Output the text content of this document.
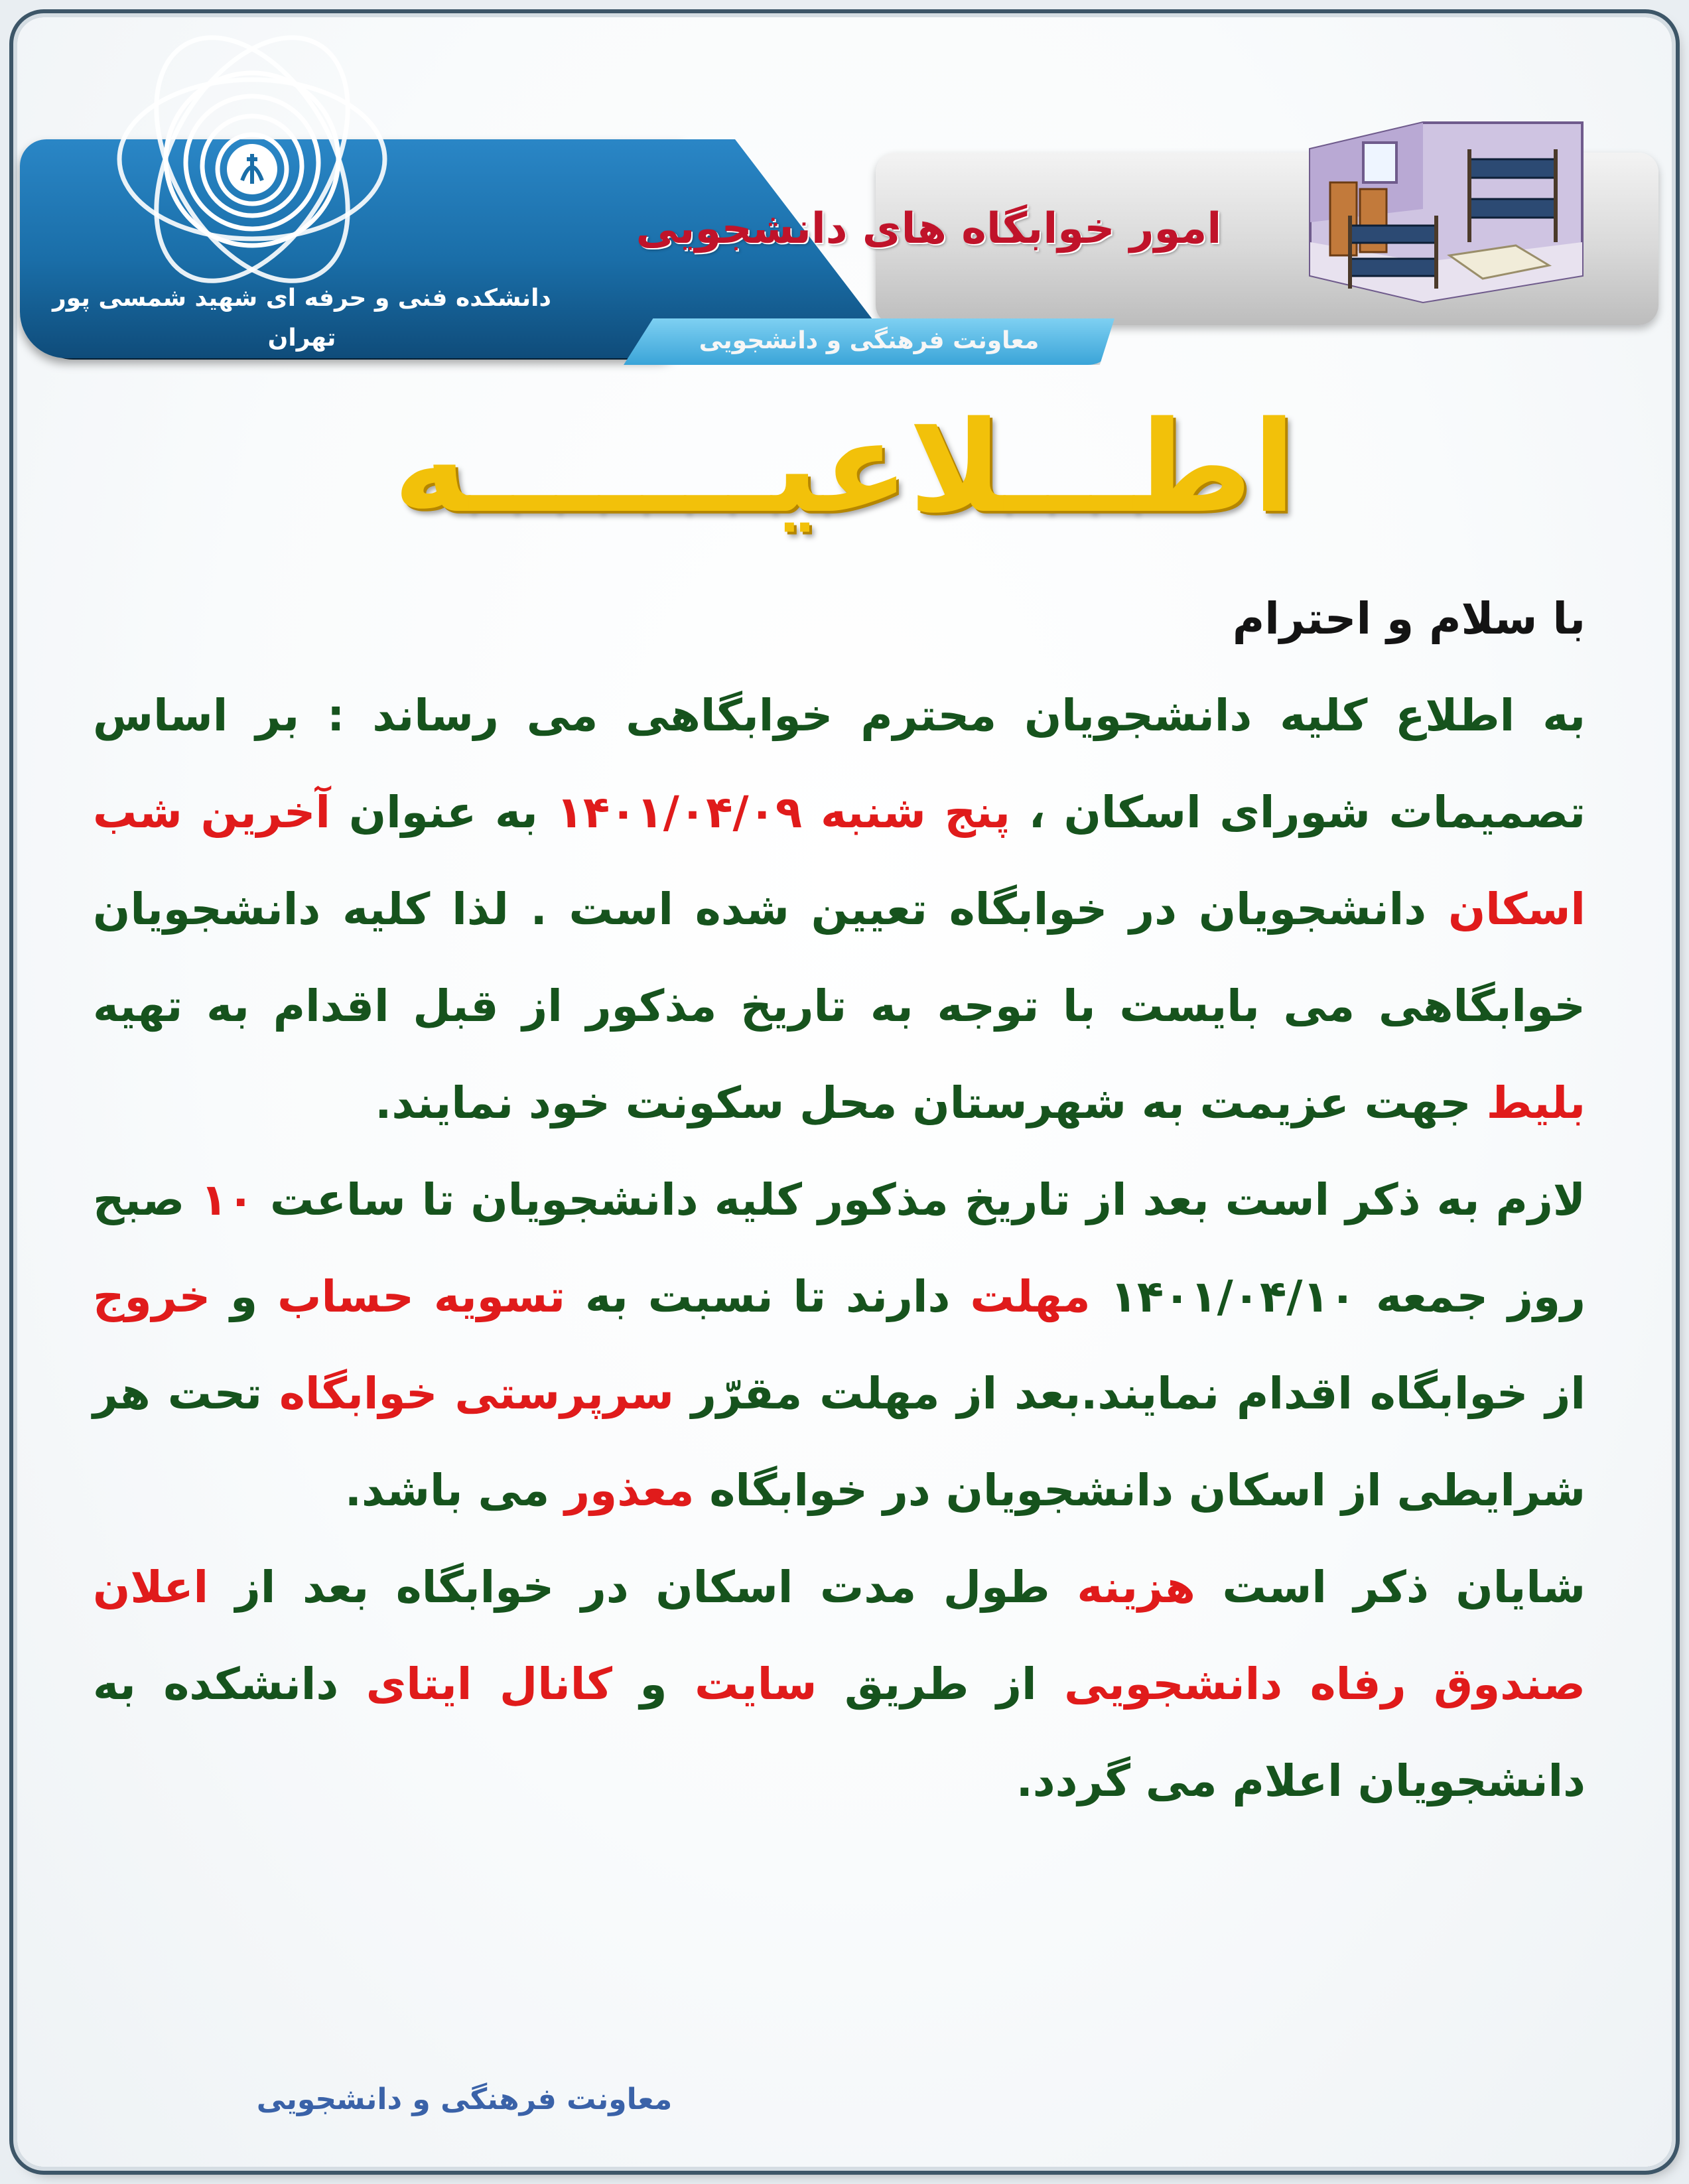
معاونت فرهنگی و دانشجویی
دانشکده فنی و حرفه ای شهید شمسی پور تهران
امور خوابگاه های دانشجویی
اطـــلاعیـــــــه

با سلام و احترام

به اطلاع کلیه دانشجویان محترم خوابگاهی می رساند : بر اساس تصمیمات شورای اسکان ، پنج شنبه ۱۴۰۱/۰۴/۰۹ به عنوان آخرین شب اسکان دانشجویان در خوابگاه تعیین شده است . لذا کلیه دانشجویان خوابگاهی می بایست با توجه به تاریخ مذکور از قبل اقدام به تهیه بلیط جهت عزیمت به شهرستان محل سکونت خود نمایند.

لازم به ذکر است بعد از تاریخ مذکور کلیه دانشجویان تا ساعت ۱۰ صبح روز جمعه ۱۴۰۱/۰۴/۱۰ مهلت دارند تا نسبت به تسویه حساب و خروج از خوابگاه اقدام نمایند.بعد از مهلت مقرّر سرپرستی خوابگاه تحت هر شرایطی از اسکان دانشجویان در خوابگاه معذور می باشد.

شایان ذکر است هزینه طول مدت اسکان در خوابگاه بعد از اعلان صندوق رفاه دانشجویی از طریق سایت و کانال ایتای دانشکده به دانشجویان اعلام می گردد.

معاونت فرهنگی و دانشجویی
